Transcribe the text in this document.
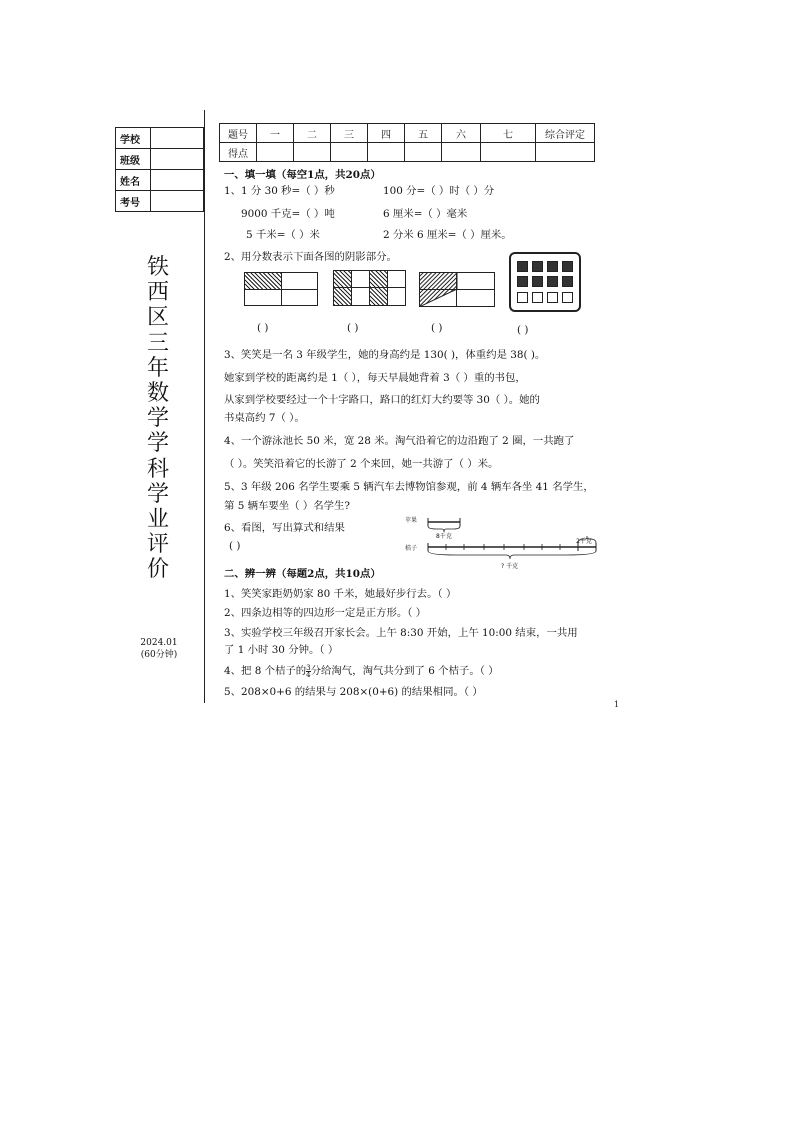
学校	
班级	
姓名	
考号	
铁
西
区
三
年
数
学
学
科
学
业
评
价
2024.01
(60分钟)
题号	一	二	三	四	五	六	七	综合评定
得点								
一、填一填（每空1点，共20点）
1、1 分 30 秒=（ ）秒	100 分=（ ）时（ ）分
9000 千克=（ ）吨	6 厘米=（ ）毫米
5 千米=（ ）米	2 分米 6 厘米=（ ）厘米。
2、用分数表示下面各图的阴影部分。
( )	( )	( )	( )
3、笑笑是一名 3 年级学生，她的身高约是 130( )，体重约是 38( )。
她家到学校的距离约是 1（ ），每天早晨她背着 3（ ）重的书包，
从家到学校要经过一个十字路口，路口的红灯大约要等 30（ ）。她的
书桌高约 7（ ）。
4、一个游泳池长 50 米，宽 28 米。淘气沿着它的边沿跑了 2 圈，一共跑了
（ ）。笑笑沿着它的长游了 2 个来回，她一共游了（ ）米。
5、3 年级 206 名学生要乘 5 辆汽车去博物馆参观，前 4 辆车各坐 41 名学生，
第 5 辆车要坐（ ）名学生?
6、看图，写出算式和结果
( )
苹果
8千克
桔子
2千克
? 千克
二、辨一辨（每题2点，共10点）
1、笑笑家距奶奶家 80 千米，她最好步行去。（ ）
2、四条边相等的四边形一定是正方形。（ ）
3、实验学校三年级召开家长会。上午 8:30 开始，上午 10:00 结束，一共用
了 1 小时 30 分钟。（ ）
4、把 8 个桔子的 $\frac{3}{4}$ 分给淘气，淘气共分到了 6 个桔子。（ ）
5、208×0+6 的结果与 208×(0+6) 的结果相同。（ ）
1
